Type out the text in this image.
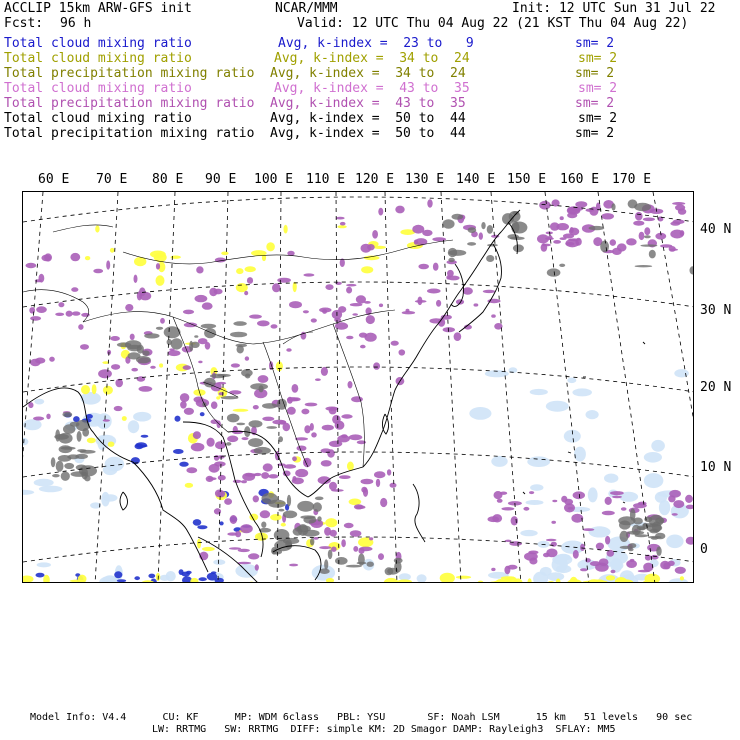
ACCLIP 15km ARW-GFS init	NCAR/MMM	Init: 12 UTC Sun 31 Jul 22
Fcst: 96 h	Valid: 12 UTC Thu 04 Aug 22 (21 KST Thu 04 Aug 22)
Total cloud mixing ratio	Avg, k-index =  23 to   9	sm= 2
Total cloud mixing ratio	Avg, k-index =  34 to  24	sm= 2
Total precipitation mixing ratio Avg, k-index =  34 to  24	sm= 2
Total cloud mixing ratio	Avg, k-index =  43 to  35	sm= 2
Total precipitation mixing ratio Avg, k-index =  43 to  35	sm= 2
Total cloud mixing ratio	Avg, k-index =  50 to  44	sm= 2
Total precipitation mixing ratio Avg, k-index =  50 to  44	sm= 2
60 E 70 E 80 E 90 E 100 E 110 E 120 E 130 E 140 E 150 E 160 E 170 E
40 N
30 N
20 N
10 N
0
Model Info: V4.4      CU: KF      MP: WDM 6class   PBL: YSU       SF: Noah LSM      15 km   51 levels   90 sec
LW: RRTMG   SW: RRTMG  DIFF: simple KM: 2D Smagor DAMP: Rayleigh3  SFLAY: MM5
